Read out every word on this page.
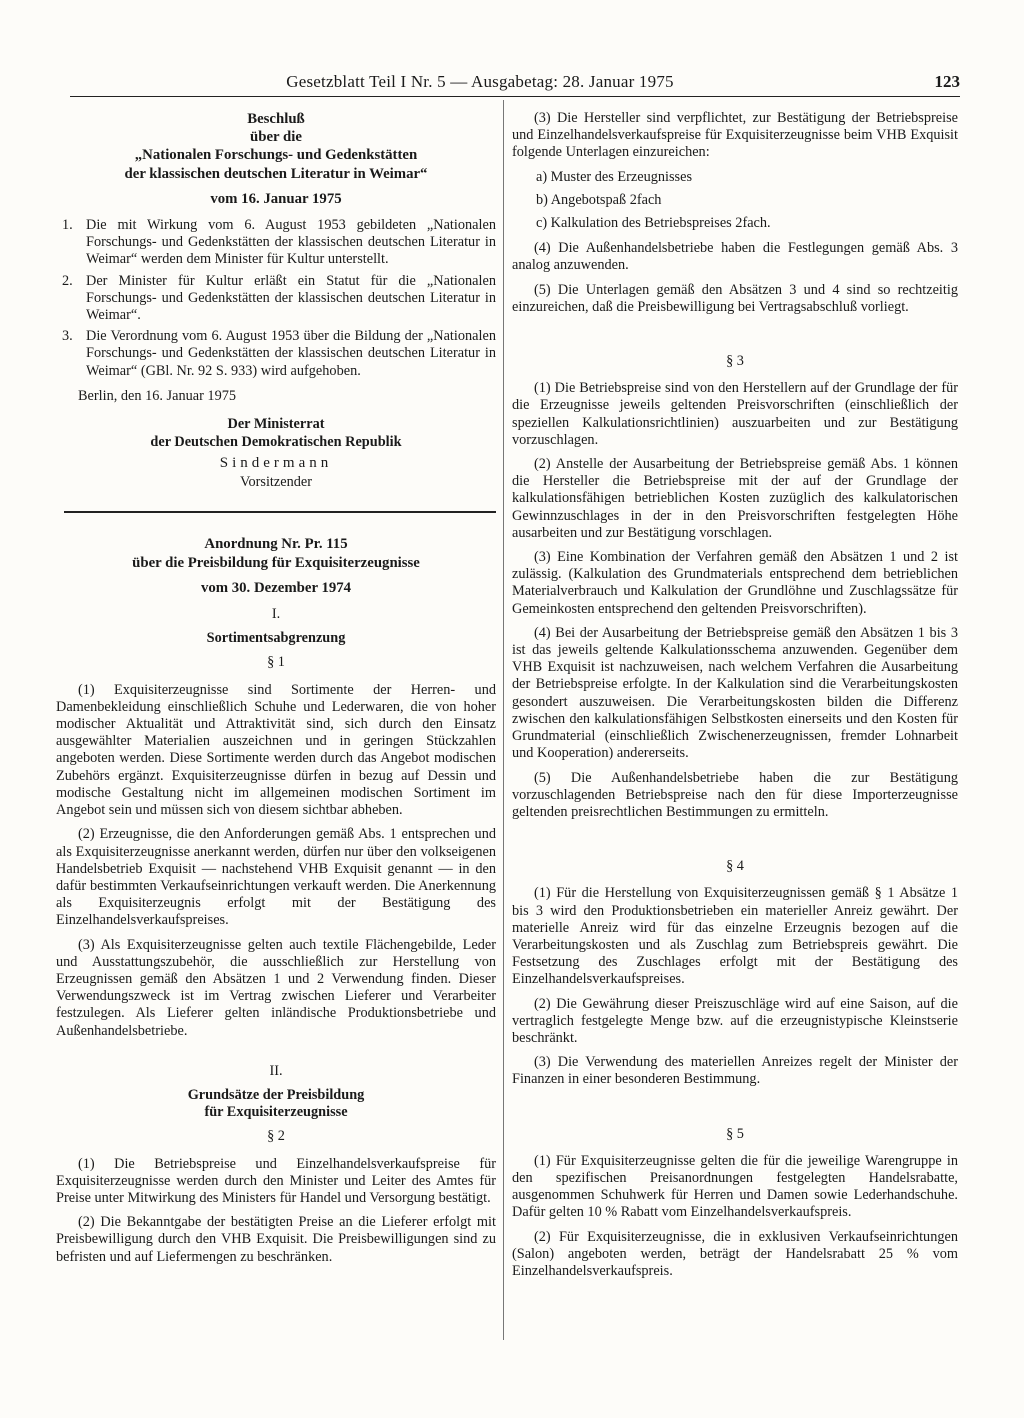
Gesetzblatt Teil I Nr. 5 — Ausgabetag: 28. Januar 1975	123

Beschluß

über die

„Nationalen Forschungs- und Gedenkstätten

der klassischen deutschen Literatur in Weimar“

vom 16. Januar 1975

1. Die mit Wirkung vom 6. August 1953 gebildeten „Nationalen Forschungs- und Gedenkstätten der klassischen deutschen Literatur in Weimar“ werden dem Minister für Kultur unterstellt.
2. Der Minister für Kultur erläßt ein Statut für die „Nationalen Forschungs- und Gedenkstätten der klassischen deutschen Literatur in Weimar“.
3. Die Verordnung vom 6. August 1953 über die Bildung der „Nationalen Forschungs- und Gedenkstätten der klassischen deutschen Literatur in Weimar“ (GBl. Nr. 92 S. 933) wird aufgehoben.

Berlin, den 16. Januar 1975

Der Ministerrat

der Deutschen Demokratischen Republik

Sindermann

Vorsitzender

Anordnung Nr. Pr. 115

über die Preisbildung für Exquisiterzeugnisse

vom 30. Dezember 1974

I.

Sortimentsabgrenzung

§ 1

(1) Exquisiterzeugnisse sind Sortimente der Herren- und Damenbekleidung einschließlich Schuhe und Lederwaren, die von hoher modischer Aktualität und Attraktivität sind, sich durch den Einsatz ausgewählter Materialien auszeichnen und in geringen Stückzahlen angeboten werden. Diese Sortimente werden durch das Angebot modischen Zubehörs ergänzt. Exquisiterzeugnisse dürfen in bezug auf Dessin und modische Gestaltung nicht im allgemeinen modischen Sortiment im Angebot sein und müssen sich von diesem sichtbar abheben.

(2) Erzeugnisse, die den Anforderungen gemäß Abs. 1 entsprechen und als Exquisiterzeugnisse anerkannt werden, dürfen nur über den volkseigenen Handelsbetrieb Exquisit — nachstehend VHB Exquisit genannt — in den dafür bestimmten Verkaufseinrichtungen verkauft werden. Die Anerkennung als Exquisiterzeugnis erfolgt mit der Bestätigung des Einzelhandelsverkaufspreises.

(3) Als Exquisiterzeugnisse gelten auch textile Flächengebilde, Leder und Ausstattungszubehör, die ausschließlich zur Herstellung von Erzeugnissen gemäß den Absätzen 1 und 2 Verwendung finden. Dieser Verwendungszweck ist im Vertrag zwischen Lieferer und Verarbeiter festzulegen. Als Lieferer gelten inländische Produktionsbetriebe und Außenhandelsbetriebe.

II.

Grundsätze der Preisbildung

für Exquisiterzeugnisse

§ 2

(1) Die Betriebspreise und Einzelhandelsverkaufspreise für Exquisiterzeugnisse werden durch den Minister und Leiter des Amtes für Preise unter Mitwirkung des Ministers für Handel und Versorgung bestätigt.

(2) Die Bekanntgabe der bestätigten Preise an die Lieferer erfolgt mit Preisbewilligung durch den VHB Exquisit. Die Preisbewilligungen sind zu befristen und auf Liefermengen zu beschränken.

(3) Die Hersteller sind verpflichtet, zur Bestätigung der Betriebspreise und Einzelhandelsverkaufspreise für Exquisiterzeugnisse beim VHB Exquisit folgende Unterlagen einzureichen:

a) Muster des Erzeugnisses
b) Angebotspaß 2fach
c) Kalkulation des Betriebspreises 2fach.

(4) Die Außenhandelsbetriebe haben die Festlegungen gemäß Abs. 3 analog anzuwenden.

(5) Die Unterlagen gemäß den Absätzen 3 und 4 sind so rechtzeitig einzureichen, daß die Preisbewilligung bei Vertragsabschluß vorliegt.

§ 3

(1) Die Betriebspreise sind von den Herstellern auf der Grundlage der für die Erzeugnisse jeweils geltenden Preisvorschriften (einschließlich der speziellen Kalkulationsrichtlinien) auszuarbeiten und zur Bestätigung vorzuschlagen.

(2) Anstelle der Ausarbeitung der Betriebspreise gemäß Abs. 1 können die Hersteller die Betriebspreise mit der auf der Grundlage der kalkulationsfähigen betrieblichen Kosten zuzüglich des kalkulatorischen Gewinnzuschlages in der in den Preisvorschriften festgelegten Höhe ausarbeiten und zur Bestätigung vorschlagen.

(3) Eine Kombination der Verfahren gemäß den Absätzen 1 und 2 ist zulässig. (Kalkulation des Grundmaterials entsprechend dem betrieblichen Materialverbrauch und Kalkulation der Grundlöhne und Zuschlagssätze für Gemeinkosten entsprechend den geltenden Preisvorschriften).

(4) Bei der Ausarbeitung der Betriebspreise gemäß den Absätzen 1 bis 3 ist das jeweils geltende Kalkulationsschema anzuwenden. Gegenüber dem VHB Exquisit ist nachzuweisen, nach welchem Verfahren die Ausarbeitung der Betriebspreise erfolgte. In der Kalkulation sind die Verarbeitungskosten gesondert auszuweisen. Die Verarbeitungskosten bilden die Differenz zwischen den kalkulationsfähigen Selbstkosten einerseits und den Kosten für Grundmaterial (einschließlich Zwischenerzeugnissen, fremder Lohnarbeit und Kooperation) andererseits.

(5) Die Außenhandelsbetriebe haben die zur Bestätigung vorzuschlagenden Betriebspreise nach den für diese Importerzeugnisse geltenden preisrechtlichen Bestimmungen zu ermitteln.

§ 4

(1) Für die Herstellung von Exquisiterzeugnissen gemäß § 1 Absätze 1 bis 3 wird den Produktionsbetrieben ein materieller Anreiz gewährt. Der materielle Anreiz wird für das einzelne Erzeugnis bezogen auf die Verarbeitungskosten und als Zuschlag zum Betriebspreis gewährt. Die Festsetzung des Zuschlages erfolgt mit der Bestätigung des Einzelhandelsverkaufspreises.

(2) Die Gewährung dieser Preiszuschläge wird auf eine Saison, auf die vertraglich festgelegte Menge bzw. auf die erzeugnistypische Kleinstserie beschränkt.

(3) Die Verwendung des materiellen Anreizes regelt der Minister der Finanzen in einer besonderen Bestimmung.

§ 5

(1) Für Exquisiterzeugnisse gelten die für die jeweilige Warengruppe in den spezifischen Preisanordnungen festgelegten Handelsrabatte, ausgenommen Schuhwerk für Herren und Damen sowie Lederhandschuhe. Dafür gelten 10 % Rabatt vom Einzelhandelsverkaufspreis.

(2) Für Exquisiterzeugnisse, die in exklusiven Verkaufseinrichtungen (Salon) angeboten werden, beträgt der Handelsrabatt 25 % vom Einzelhandelsverkaufspreis.
